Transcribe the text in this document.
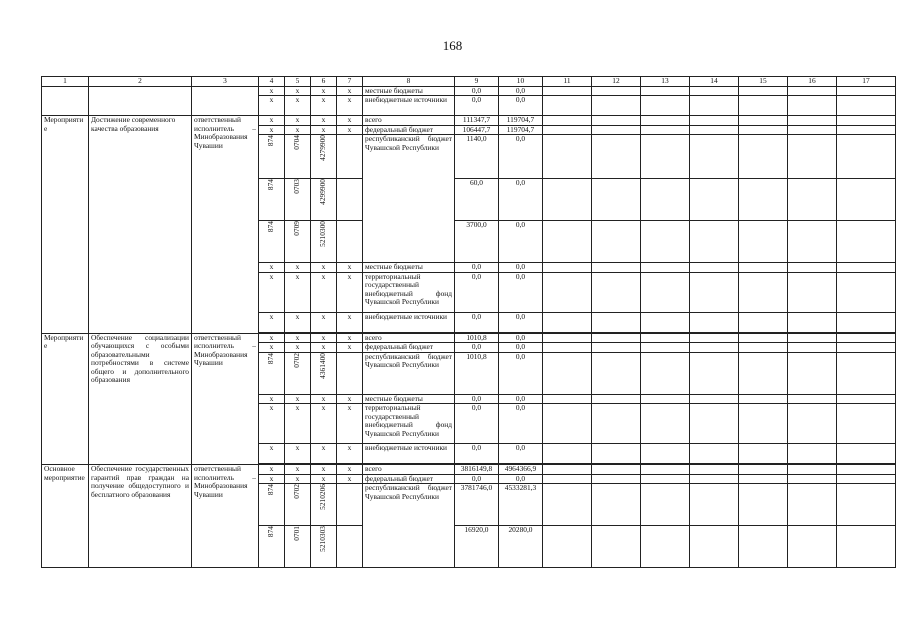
168
1	2	3	4	5	6	7	8	9	10	11	12	13	14	15	16	17
			x	x	x	x	местные бюджеты	0,0	0,0							
			x	x	x	x	внебюджетные источники	0,0	0,0							
Мероприятие	Достижение современного качества образования	ответственный исполнитель – Минобразования Чувашии	x	x	x	x	всего	111347,7	119704,7							
			x	x	x	x	федеральный бюджет	106447,7	119704,7							
			874	0704	4279900		республиканский бюджет Чувашской Республики	1140,0	0,0							
			874	0703	4299900			60,0	0,0							
			874	0709	5210300			3700,0	0,0							
			x	x	x	x	местные бюджеты	0,0	0,0							
			x	x	x	x	территориальный государственный внебюджетный фонд Чувашской Республики	0,0	0,0							
			x	x	x	x	внебюджетные источники	0,0	0,0							

Мероприятие	Обеспечение социализации обучающихся с особыми образовательными потребностями в системе общего и дополнительного образования	ответственный исполнитель – Минобразования Чувашии	x	x	x	x	всего	1010,8	0,0							
			x	x	x	x	федеральный бюджет	0,0	0,0							
			874	0702	4361400		республиканский бюджет Чувашской Республики	1010,8	0,0							
			x	x	x	x	местные бюджеты	0,0	0,0							
			x	x	x	x	территориальный государственный внебюджетный фонд Чувашской Республики	0,0	0,0							
			x	x	x	x	внебюджетные источники	0,0	0,0							

Основное мероприятие	Обеспечение государственных гарантий прав граждан на получение общедоступного и бесплатного образования	ответственный исполнитель – Минобразования Чувашии	x	x	x	x	всего	3816149,8	4964366,9							
			x	x	x	x	федеральный бюджет	0,0	0,0							
			874	0702	5210206		республиканский бюджет Чувашской Республики	3781746,0	4533281,3							
			874	0701	5210303			16920,0	20280,0							
